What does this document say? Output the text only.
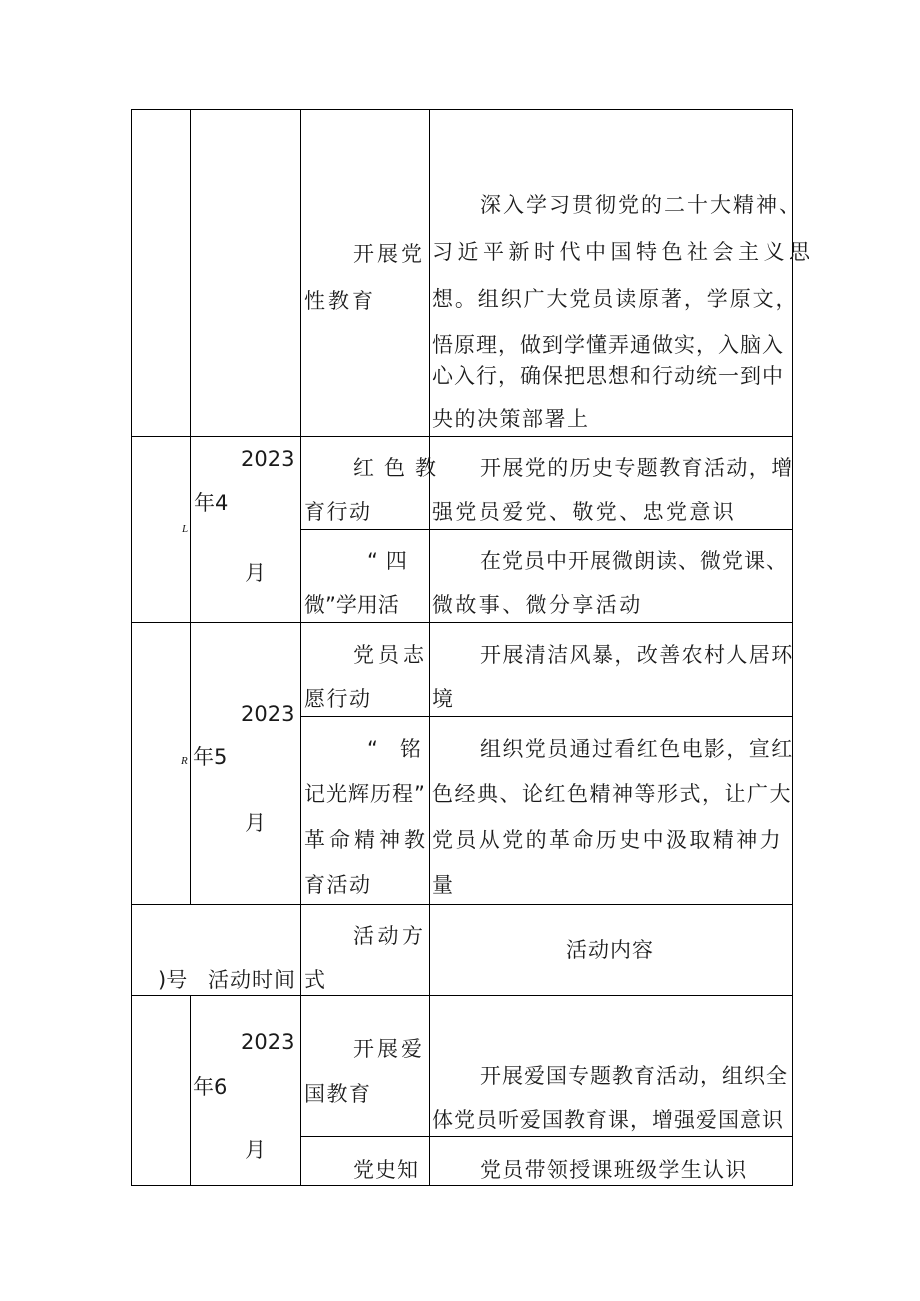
开展党
性教育
深入学习贯彻党的二十大精神、
习近平新时代中国特色社会主义思
想。组织广大党员读原著，学原文，
悟原理，做到学懂弄通做实，入脑入
心入行，确保把思想和行动统一到中
央的决策部署上
L
2023
年4
月
红色教
育行动
开展党的历史专题教育活动，增
强党员爱党、敬党、忠党意识
“四
微”学用活
在党员中开展微朗读、微党课、
微故事、微分享活动
R
2023
年5
月
党员志
愿行动
开展清洁风暴，改善农村人居环
境
“铭
记光辉历程”
革命精神教
育活动
组织党员通过看红色电影，宣红
色经典、论红色精神等形式，让广大
党员从党的革命历史中汲取精神力
量
)号 活动时间
活动方
式
活动内容
2023
年6
月
开展爱
国教育
开展爱国专题教育活动，组织全
体党员听爱国教育课，增强爱国意识
党史知	党员带领授课班级学生认识
